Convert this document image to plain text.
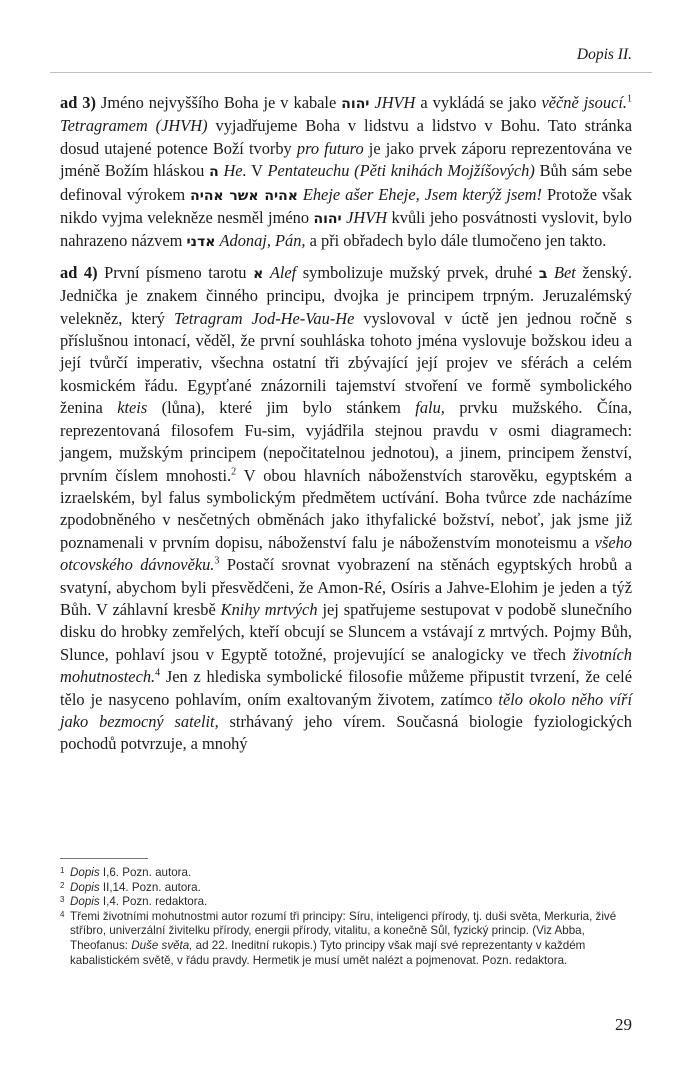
Dopis II.

ad 3) Jméno nejvyššího Boha je v kabale יהוה JHVH a vykládá se jako věčně jsoucí.$^1$ Tetragramem (JHVH) vyjadřujeme Boha v lidstvu a lidstvo v Bohu. Tato stránka dosud utajené potence Boží tvorby pro futuro je jako prvek záporu reprezentována ve jméně Božím hláskou ה He. V Pentateuchu (Pěti knihách Mojžíšových) Bůh sám sebe definoval výrokem אהיה אשר אהיה Eheje ašer Eheje, Jsem kterýž jsem! Protože však nikdo vyjma velekněze nesměl jméno יהוה JHVH kvůli jeho posvátnosti vyslovit, bylo nahrazeno názvem אדני Adonaj, Pán, a při obřadech bylo dále tlumočeno jen takto.

ad 4) První písmeno tarotu א Alef symbolizuje mužský prvek, druhé ב Bet ženský. Jednička je znakem činného principu, dvojka je principem trpným. Jeruzalémský velekněz, který Tetragram Jod-He-Vau-He vyslovoval v úctě jen jednou ročně s příslušnou intonací, věděl, že první souhláska tohoto jména vyslovuje božskou ideu a její tvůrčí imperativ, všechna ostatní tři zbývající její projev ve sférách a celém kosmickém řádu. Egypťané znázornili tajemství stvoření ve formě symbolického ženina kteis (lůna), které jim bylo stánkem falu, prvku mužského. Čína, reprezentovaná filosofem Fu-sim, vyjádřila stejnou pravdu v osmi diagramech: jangem, mužským principem (nepočitatelnou jednotou), a jinem, principem ženství, prvním číslem mnohosti.$^2$ V obou hlavních náboženstvích starověku, egyptském a izraelském, byl falus symbolickým předmětem uctívání. Boha tvůrce zde nacházíme zpodobněného v nesčetných obměnách jako ithyfalické božství, neboť, jak jsme již poznamenali v prvním dopisu, náboženství falu je náboženstvím monoteismu a všeho otcovského dávnověku.$^3$ Postačí srovnat vyobrazení na stěnách egyptských hrobů a svatyní, abychom byli přesvědčeni, že Amon-Ré, Osíris a Jahve-Elohim je jeden a týž Bůh. V záhlavní kresbě Knihy mrtvých jej spatřujeme sestupovat v podobě slunečního disku do hrobky zemřelých, kteří obcují se Sluncem a vstávají z mrtvých. Pojmy Bůh, Slunce, pohlaví jsou v Egyptě totožné, projevující se analogicky ve třech životních mohutnostech.$^4$ Jen z hlediska symbolické filosofie můžeme připustit tvrzení, že celé tělo je nasyceno pohlavím, oním exaltovaným životem, zatímco tělo okolo něho víří jako bezmocný satelit, strhávaný jeho vírem. Současná biologie fyziologických pochodů potvrzuje, a mnohý

1 Dopis I,6. Pozn. autora.
2 Dopis II,14. Pozn. autora.
3 Dopis I,4. Pozn. redaktora.
4 Třemi životními mohutnostmi autor rozumí tři principy: Síru, inteligenci přírody, tj. duši světa, Merkuria, živé stříbro, univerzální živitelku přírody, energii přírody, vitalitu, a konečně Sůl, fyzický princip. (Viz Abba, Theofanus: Duše světa, ad 22. Ineditní rukopis.) Tyto principy však mají své reprezentanty v každém kabalistickém světě, v řádu pravdy. Hermetik je musí umět nalézt a pojmenovat. Pozn. redaktora.
29
